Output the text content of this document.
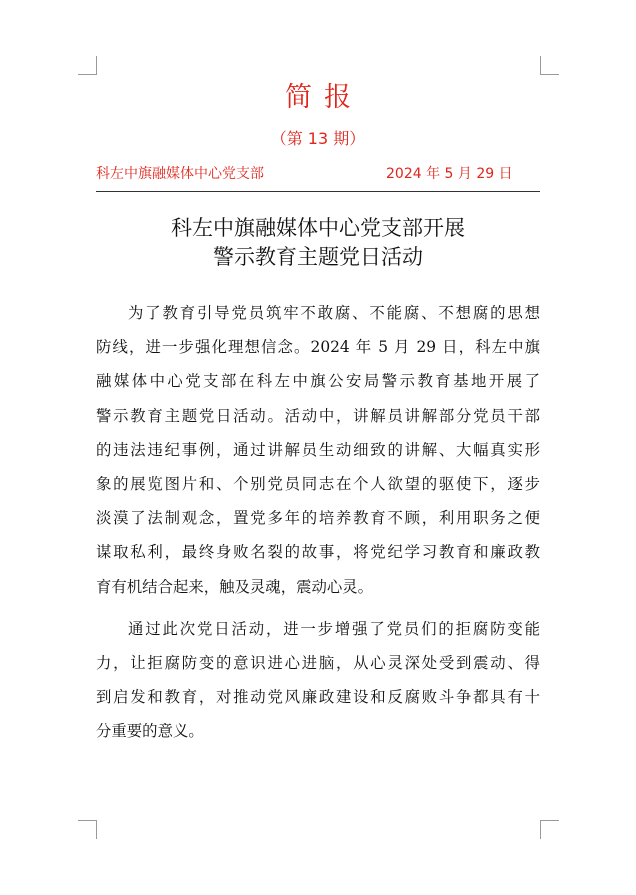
简报
（第 13 期）
科左中旗融媒体中心党支部	2024 年 5 月 29 日
科左中旗融媒体中心党支部开展
警示教育主题党日活动
为了教育引导党员筑牢不敢腐、不能腐、不想腐的思想
防线，进一步强化理想信念。2024 年 5 月 29 日，科左中旗
融媒体中心党支部在科左中旗公安局警示教育基地开展了
警示教育主题党日活动。活动中，讲解员讲解部分党员干部
的违法违纪事例，通过讲解员生动细致的讲解、大幅真实形
象的展览图片和、个别党员同志在个人欲望的驱使下，逐步
淡漠了法制观念，置党多年的培养教育不顾，利用职务之便
谋取私利，最终身败名裂的故事，将党纪学习教育和廉政教
育有机结合起来，触及灵魂，震动心灵。
通过此次党日活动，进一步增强了党员们的拒腐防变能
力，让拒腐防变的意识进心进脑，从心灵深处受到震动、得
到启发和教育，对推动党风廉政建设和反腐败斗争都具有十
分重要的意义。
